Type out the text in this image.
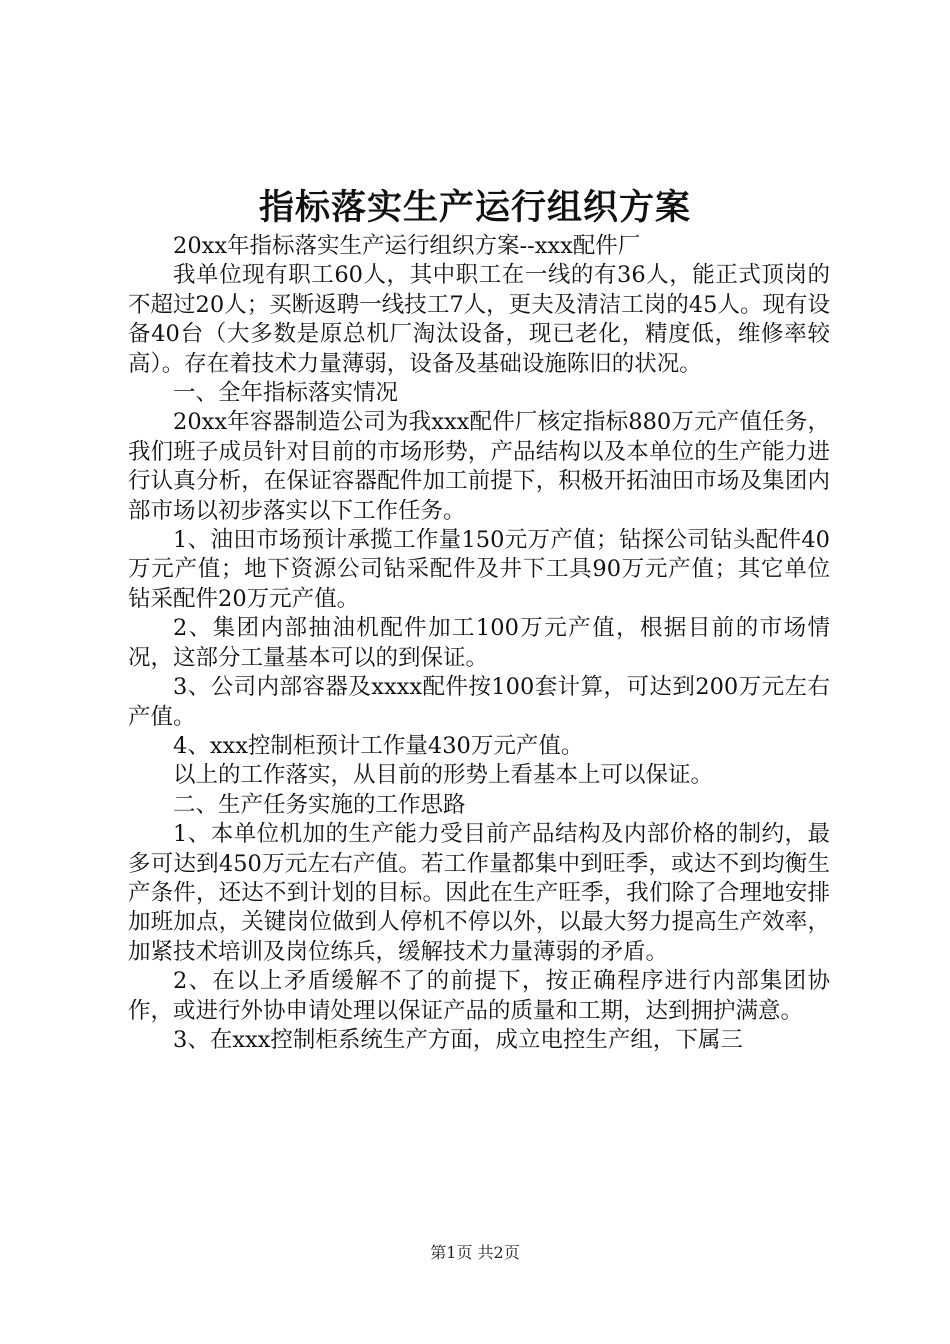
指标落实生产运行组织方案

20xx年指标落实生产运行组织方案--xxx配件厂

我单位现有职工60人，其中职工在一线的有36人，能正式顶岗的不超过20人；买断返聘一线技工7人，更夫及清洁工岗的45人。现有设备40台（大多数是原总机厂淘汰设备，现已老化，精度低，维修率较高）。存在着技术力量薄弱，设备及基础设施陈旧的状况。

一、全年指标落实情况

20xx年容器制造公司为我xxx配件厂核定指标880万元产值任务，我们班子成员针对目前的市场形势，产品结构以及本单位的生产能力进行认真分析，在保证容器配件加工前提下，积极开拓油田市场及集团内部市场以初步落实以下工作任务。

1、油田市场预计承揽工作量150元万产值；钻探公司钻头配件40万元产值；地下资源公司钻采配件及井下工具90万元产值；其它单位钻采配件20万元产值。

2、集团内部抽油机配件加工100万元产值，根据目前的市场情况，这部分工量基本可以的到保证。

3、公司内部容器及xxxx配件按100套计算，可达到200万元左右产值。

4、xxx控制柜预计工作量430万元产值。

以上的工作落实，从目前的形势上看基本上可以保证。

二、生产任务实施的工作思路

1、本单位机加的生产能力受目前产品结构及内部价格的制约，最多可达到450万元左右产值。若工作量都集中到旺季，或达不到均衡生产条件，还达不到计划的目标。因此在生产旺季，我们除了合理地安排加班加点，关键岗位做到人停机不停以外，以最大努力提高生产效率，加紧技术培训及岗位练兵，缓解技术力量薄弱的矛盾。

2、在以上矛盾缓解不了的前提下，按正确程序进行内部集团协作，或进行外协申请处理以保证产品的质量和工期，达到拥护满意。

3、在xxx控制柜系统生产方面，成立电控生产组，下属三

第1页 共2页
